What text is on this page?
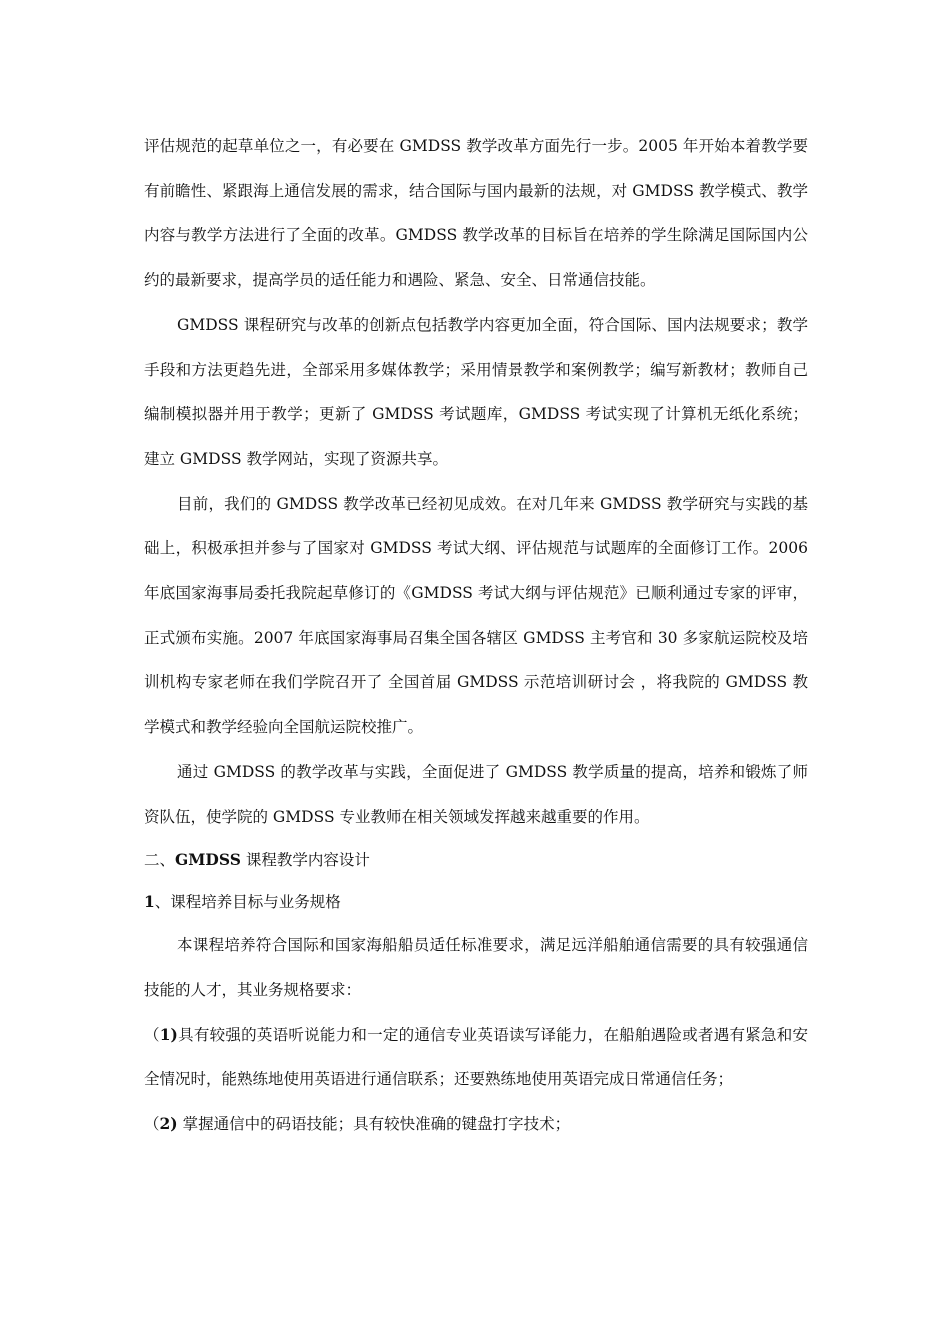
评估规范的起草单位之一，有必要在 GMDSS 教学改革方面先行一步。2005 年开始本着教学要有前瞻性、紧跟海上通信发展的需求，结合国际与国内最新的法规，对 GMDSS 教学模式、教学内容与教学方法进行了全面的改革。GMDSS 教学改革的目标旨在培养的学生除满足国际国内公约的最新要求，提高学员的适任能力和遇险、紧急、安全、日常通信技能。

GMDSS 课程研究与改革的创新点包括教学内容更加全面，符合国际、国内法规要求；教学手段和方法更趋先进，全部采用多媒体教学；采用情景教学和案例教学；编写新教材；教师自己编制模拟器并用于教学；更新了 GMDSS 考试题库，GMDSS 考试实现了计算机无纸化系统；建立 GMDSS 教学网站，实现了资源共享。

目前，我们的 GMDSS 教学改革已经初见成效。在对几年来 GMDSS 教学研究与实践的基础上，积极承担并参与了国家对 GMDSS 考试大纲、评估规范与试题库的全面修订工作。2006 年底国家海事局委托我院起草修订的《GMDSS 考试大纲与评估规范》已顺利通过专家的评审，正式颁布实施。2007 年底国家海事局召集全国各辖区 GMDSS 主考官和 30 多家航运院校及培训机构专家老师在我们学院召开了 全国首届 GMDSS 示范培训研讨会 ，将我院的 GMDSS 教学模式和教学经验向全国航运院校推广。

通过 GMDSS 的教学改革与实践，全面促进了 GMDSS 教学质量的提高，培养和锻炼了师资队伍，使学院的 GMDSS 专业教师在相关领域发挥越来越重要的作用。

二、GMDSS 课程教学内容设计

1、课程培养目标与业务规格

本课程培养符合国际和国家海船船员适任标准要求，满足远洋船舶通信需要的具有较强通信技能的人才，其业务规格要求：

（1)具有较强的英语听说能力和一定的通信专业英语读写译能力，在船舶遇险或者遇有紧急和安全情况时，能熟练地使用英语进行通信联系；还要熟练地使用英语完成日常通信任务；

（2) 掌握通信中的码语技能；具有较快准确的键盘打字技术；
